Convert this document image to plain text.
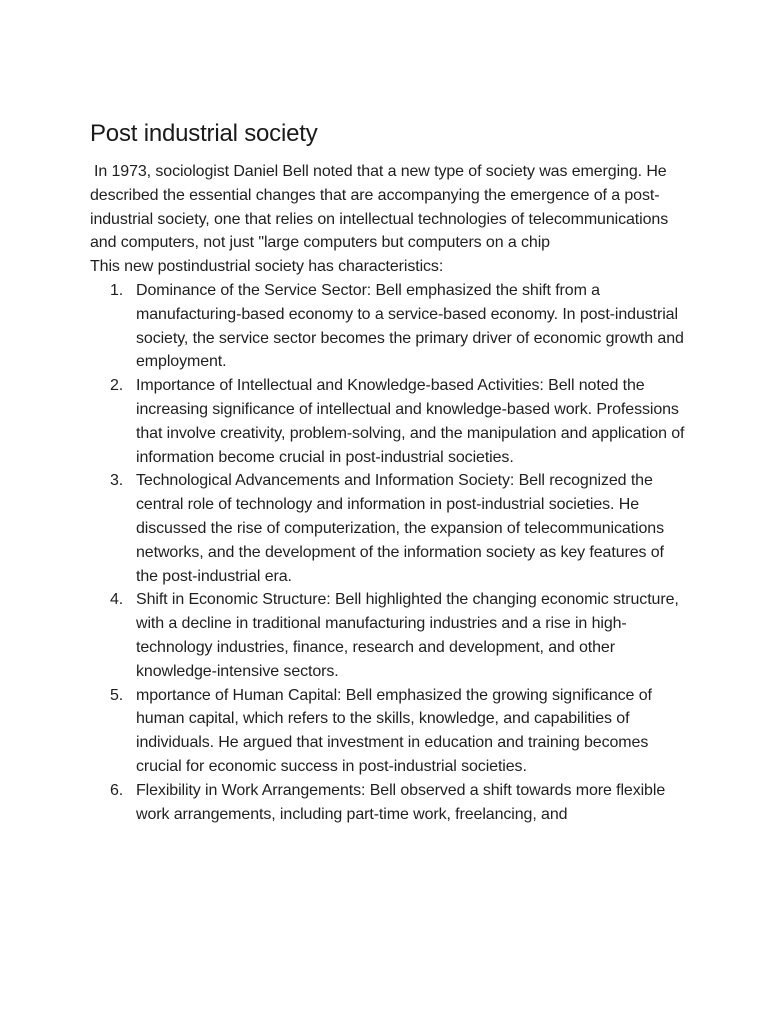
Post industrial society

In 1973, sociologist Daniel Bell noted that a new type of society was emerging. He described the essential changes that are accompanying the emergence of a post-industrial society, one that relies on intellectual technologies of telecommunications and computers, not just "large computers but computers on a chip

This new postindustrial society has characteristics:

1. Dominance of the Service Sector: Bell emphasized the shift from a manufacturing-based economy to a service-based economy. In post-industrial society, the service sector becomes the primary driver of economic growth and employment.
2. Importance of Intellectual and Knowledge-based Activities: Bell noted the increasing significance of intellectual and knowledge-based work. Professions that involve creativity, problem-solving, and the manipulation and application of information become crucial in post-industrial societies.
3. Technological Advancements and Information Society: Bell recognized the central role of technology and information in post-industrial societies. He discussed the rise of computerization, the expansion of telecommunications networks, and the development of the information society as key features of the post-industrial era.
4. Shift in Economic Structure: Bell highlighted the changing economic structure, with a decline in traditional manufacturing industries and a rise in high-technology industries, finance, research and development, and other knowledge-intensive sectors.
5. mportance of Human Capital: Bell emphasized the growing significance of human capital, which refers to the skills, knowledge, and capabilities of individuals. He argued that investment in education and training becomes crucial for economic success in post-industrial societies.
6. Flexibility in Work Arrangements: Bell observed a shift towards more flexible work arrangements, including part-time work, freelancing, and
